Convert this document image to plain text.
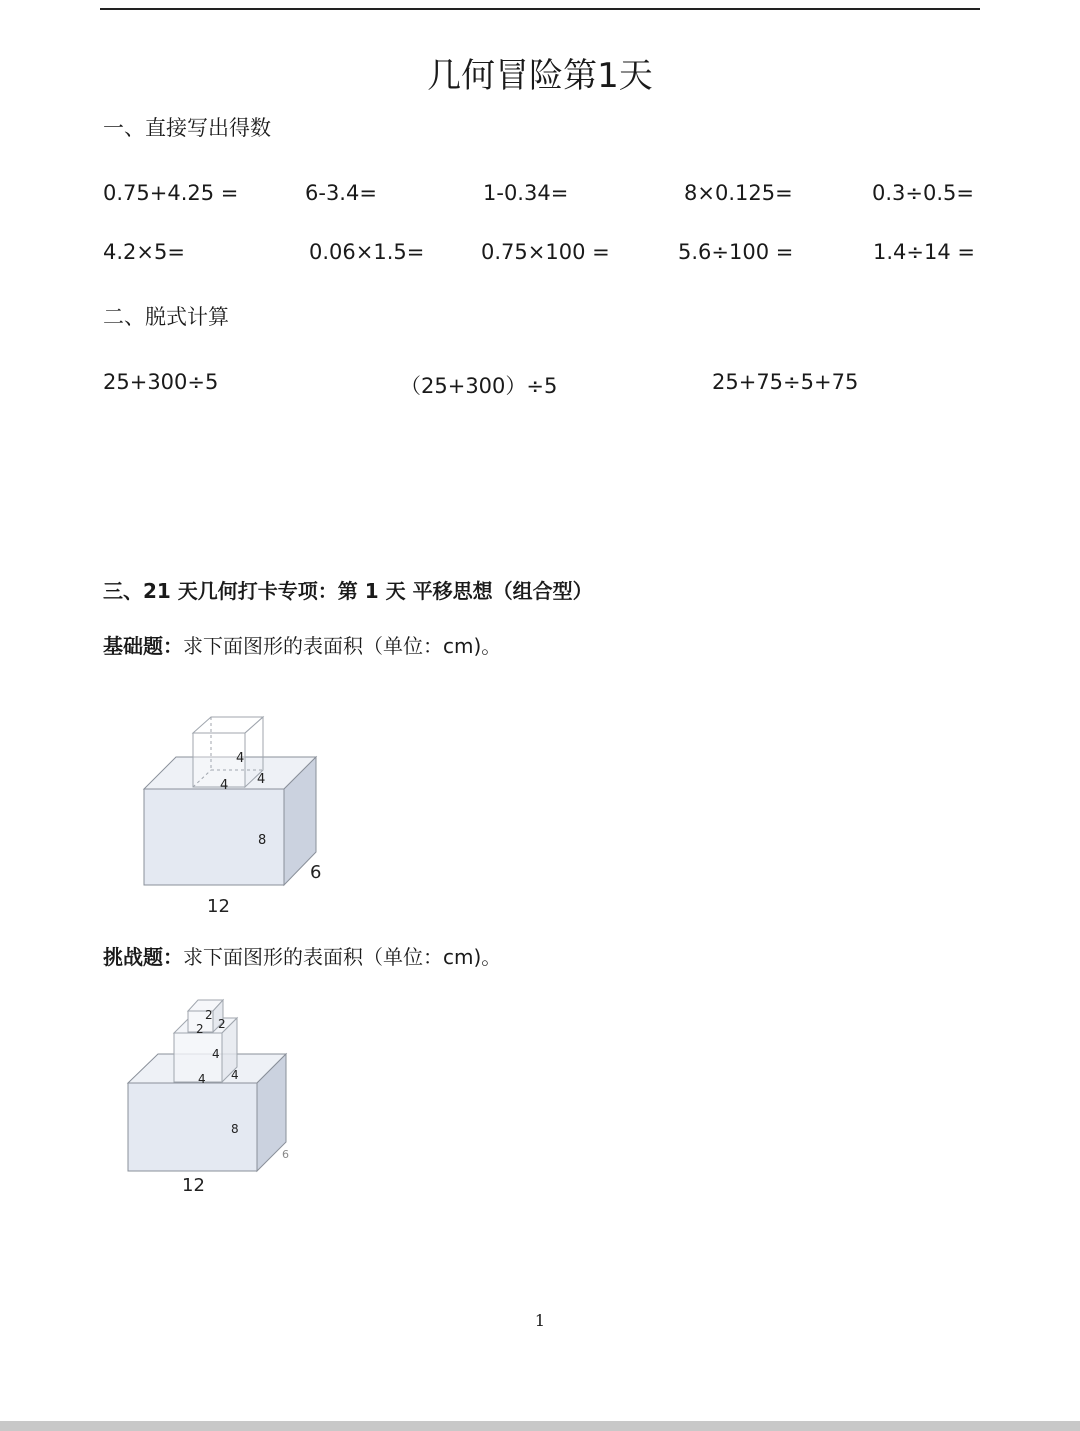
几何冒险第1天
一、直接写出得数
0.75+4.25 =	6-3.4=	1-0.34=	8×0.125=	0.3÷0.5=
4.2×5=	0.06×1.5=	0.75×100 =	5.6÷100 =	1.4÷14 =
二、脱式计算
25+300÷5	（25+300）÷5	25+75÷5+75
三、21 天几何打卡专项：第 1 天 平移思想（组合型）
基础题：求下面图形的表面积（单位：cm)。
4
4 4
8
6
12
挑战题：求下面图形的表面积（单位：cm)。
2
2 2
4
4 4
8
6
12
1
